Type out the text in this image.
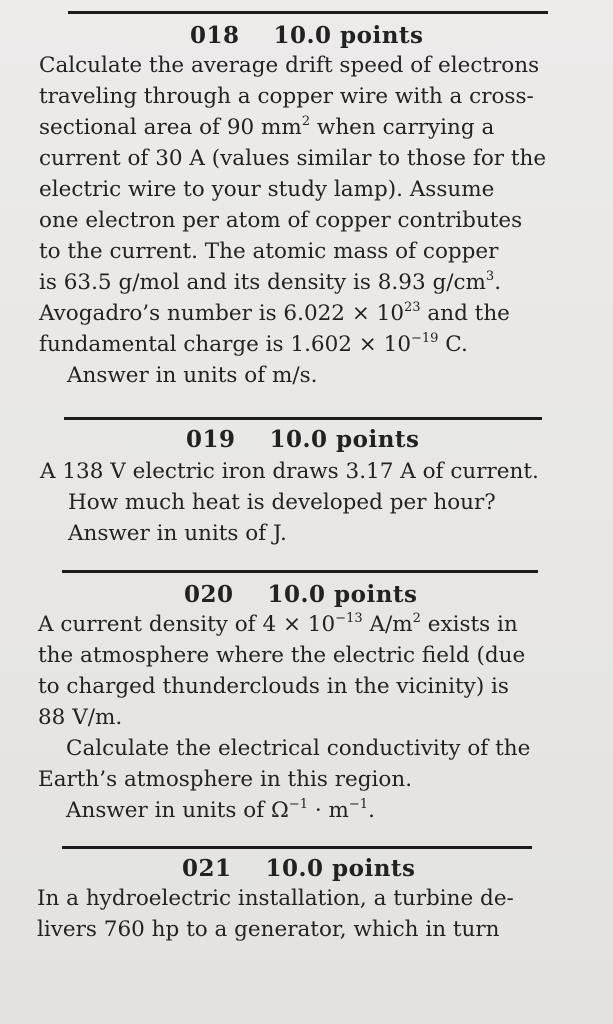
018 10.0 points
Calculate the average drift speed of electrons
traveling through a copper wire with a cross-
sectional area of 90 $mm^2$ when carrying a
current of 30 A (values similar to those for the
electric wire to your study lamp). Assume
one electron per atom of copper contributes
to the current. The atomic mass of copper
is 63.5 g/mol and its density is 8.93 $g/cm^3$.
Avogadro’s number is $6.022 \times 10^{23}$ and the
fundamental charge is $1.602 \times 10^{-19}$ C.
Answer in units of m/s.
019 10.0 points
A 138 V electric iron draws 3.17 A of current.
How much heat is developed per hour?
Answer in units of J.
020 10.0 points
A current density of $4 \times 10^{-13}$ $A/m^2$ exists in
the atmosphere where the electric field (due
to charged thunderclouds in the vicinity) is
88 V/m.
Calculate the electrical conductivity of the
Earth’s atmosphere in this region.
Answer in units of $\Omega^{-1} \cdot m^{-1}$.
021 10.0 points
In a hydroelectric installation, a turbine de-
livers 760 hp to a generator, which in turn
